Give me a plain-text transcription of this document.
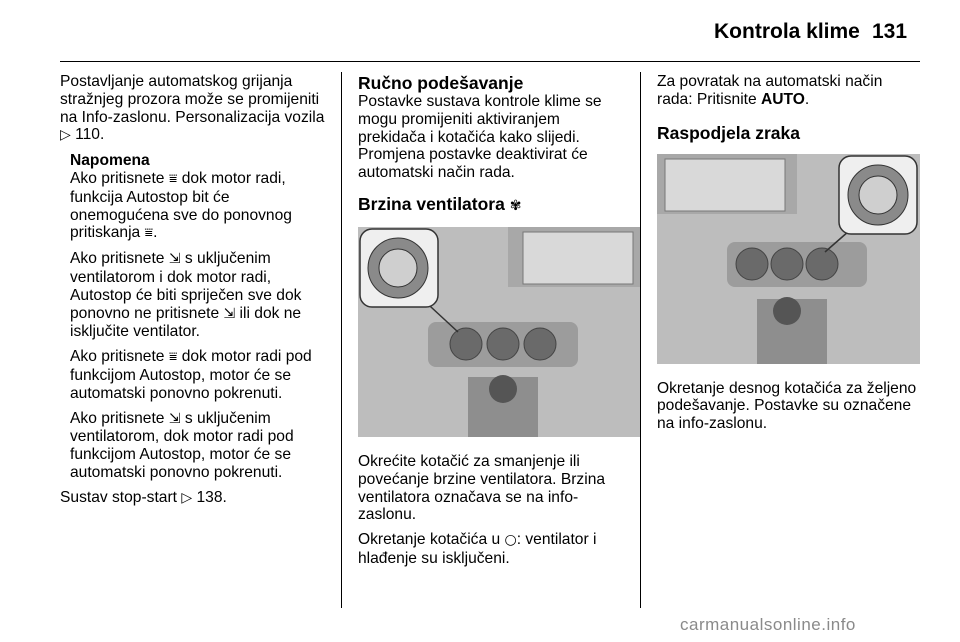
Kontrola klime 131

Postavljanje automatskog grijanja stražnjeg prozora može se promijeniti na Info-zaslonu. Personalizacija vozila ▷ 110.

Napomena
Ako pritisnete ⩸ dok motor radi, funkcija Autostop bit će onemogućena sve do ponovnog pritiskanja ⩸.

Ako pritisnete ⇲ s uključenim ventilatorom i dok motor radi, Autostop će biti spriječen sve dok ponovno ne pritisnete ⇲ ili dok ne isključite ventilator.

Ako pritisnete ⩸ dok motor radi pod funkcijom Autostop, motor će se automatski ponovno pokrenuti.

Ako pritisnete ⇲ s uključenim ventilatorom, dok motor radi pod funkcijom Autostop, motor će se automatski ponovno pokrenuti.

Sustav stop-start ▷ 138.

Ručno podešavanje

Postavke sustava kontrole klime se mogu promijeniti aktiviranjem prekidača i kotačića kako slijedi. Promjena postavke deaktivirat će automatski način rada.

Brzina ventilatora ✾

Okrećite kotačić za smanjenje ili povećanje brzine ventilatora. Brzina ventilatora označava se na info-zaslonu.

Okretanje kotačića u ○: ventilator i hlađenje su isključeni.

Za povratak na automatski način rada: Pritisnite AUTO.

Raspodjela zraka

Okretanje desnog kotačića za željeno podešavanje. Postavke su označene na info-zaslonu.

carmanualsonline.info
